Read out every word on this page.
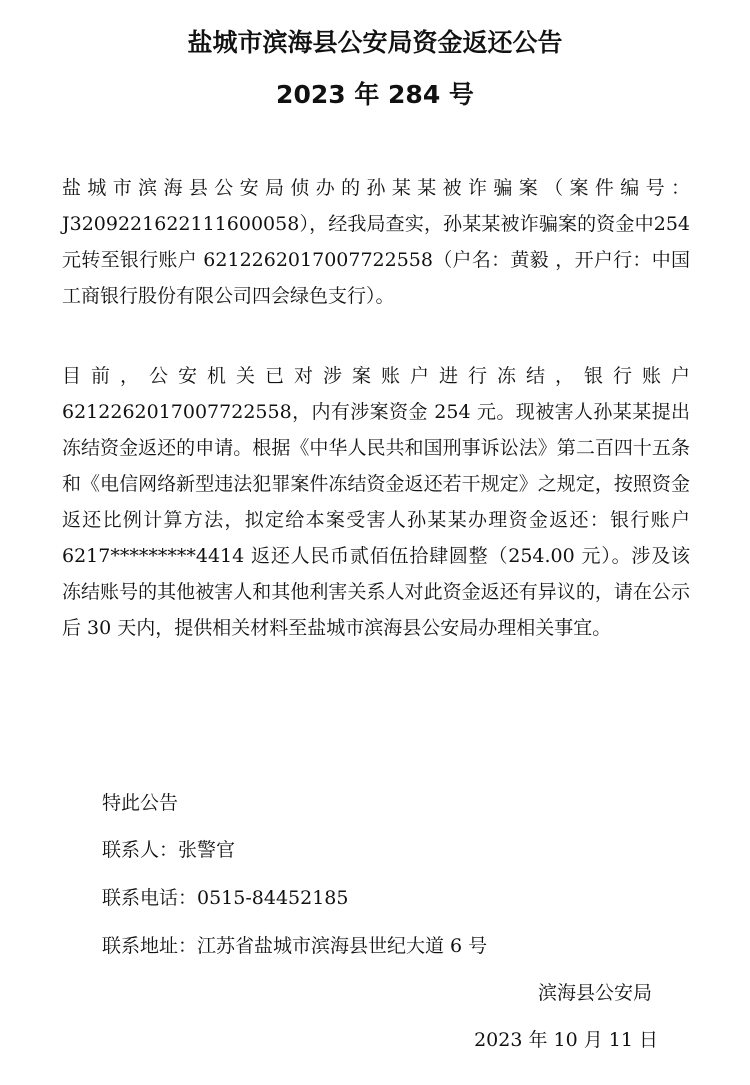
盐城市滨海县公安局资金返还公告
2023 年 284 号

盐城市滨海县公安局侦办的孙某某被诈骗案（案件编号：J3209221622111600058），经我局查实，孙某某被诈骗案的资金中254 元转至银行账户 6212262017007722558（户名：黄毅 ，开户行：中国工商银行股份有限公司四会绿色支行）。

目前，公安机关已对涉案账户进行冻结，银行账户6212262017007722558，内有涉案资金 254 元。现被害人孙某某提出冻结资金返还的申请。根据《中华人民共和国刑事诉讼法》第二百四十五条和《电信网络新型违法犯罪案件冻结资金返还若干规定》之规定，按照资金返还比例计算方法，拟定给本案受害人孙某某办理资金返还：银行账户 6217*********4414 返还人民币贰佰伍拾肆圆整（254.00 元）。涉及该冻结账号的其他被害人和其他利害关系人对此资金返还有异议的，请在公示后 30 天内，提供相关材料至盐城市滨海县公安局办理相关事宜。

特此公告

联系人：张警官

联系电话：0515-84452185

联系地址：江苏省盐城市滨海县世纪大道 6 号

滨海县公安局

2023 年 10 月 11 日
